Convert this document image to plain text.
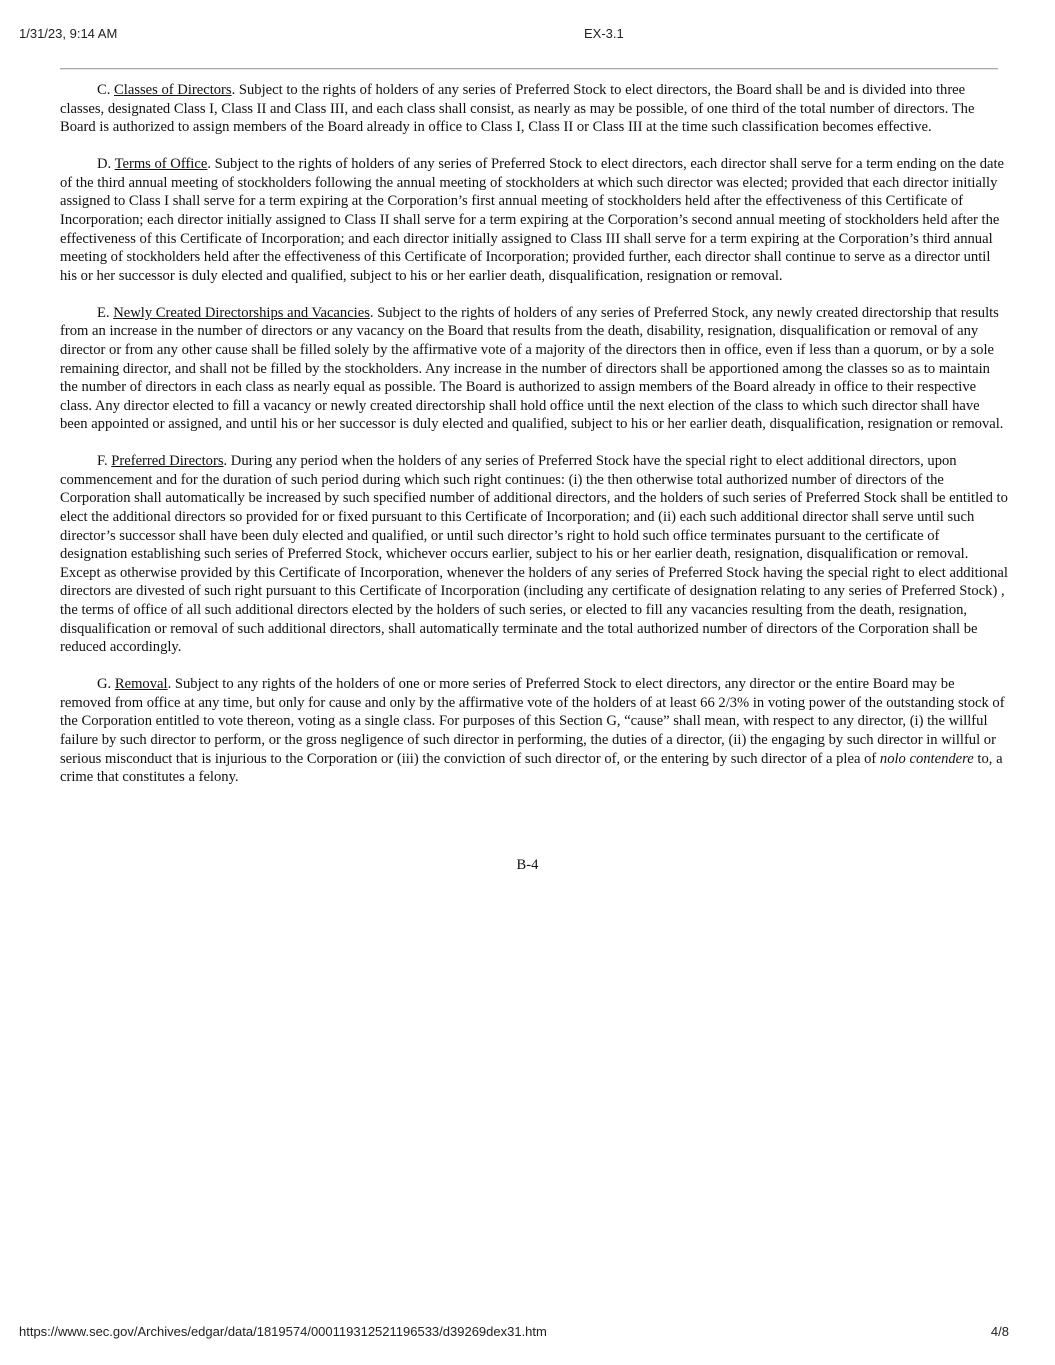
1/31/23, 9:14 AM	EX-3.1

C. Classes of Directors. Subject to the rights of holders of any series of Preferred Stock to elect directors, the Board shall be and is divided into three classes, designated Class I, Class II and Class III, and each class shall consist, as nearly as may be possible, of one third of the total number of directors. The Board is authorized to assign members of the Board already in office to Class I, Class II or Class III at the time such classification becomes effective.

D. Terms of Office. Subject to the rights of holders of any series of Preferred Stock to elect directors, each director shall serve for a term ending on the date of the third annual meeting of stockholders following the annual meeting of stockholders at which such director was elected; provided that each director initially assigned to Class I shall serve for a term expiring at the Corporation’s first annual meeting of stockholders held after the effectiveness of this Certificate of Incorporation; each director initially assigned to Class II shall serve for a term expiring at the Corporation’s second annual meeting of stockholders held after the effectiveness of this Certificate of Incorporation; and each director initially assigned to Class III shall serve for a term expiring at the Corporation’s third annual meeting of stockholders held after the effectiveness of this Certificate of Incorporation; provided further, each director shall continue to serve as a director until his or her successor is duly elected and qualified, subject to his or her earlier death, disqualification, resignation or removal.

E. Newly Created Directorships and Vacancies. Subject to the rights of holders of any series of Preferred Stock, any newly created directorship that results from an increase in the number of directors or any vacancy on the Board that results from the death, disability, resignation, disqualification or removal of any director or from any other cause shall be filled solely by the affirmative vote of a majority of the directors then in office, even if less than a quorum, or by a sole remaining director, and shall not be filled by the stockholders. Any increase in the number of directors shall be apportioned among the classes so as to maintain the number of directors in each class as nearly equal as possible. The Board is authorized to assign members of the Board already in office to their respective class. Any director elected to fill a vacancy or newly created directorship shall hold office until the next election of the class to which such director shall have been appointed or assigned, and until his or her successor is duly elected and qualified, subject to his or her earlier death, disqualification, resignation or removal.

F. Preferred Directors. During any period when the holders of any series of Preferred Stock have the special right to elect additional directors, upon commencement and for the duration of such period during which such right continues: (i) the then otherwise total authorized number of directors of the Corporation shall automatically be increased by such specified number of additional directors, and the holders of such series of Preferred Stock shall be entitled to elect the additional directors so provided for or fixed pursuant to this Certificate of Incorporation; and (ii) each such additional director shall serve until such director’s successor shall have been duly elected and qualified, or until such director’s right to hold such office terminates pursuant to the certificate of designation establishing such series of Preferred Stock, whichever occurs earlier, subject to his or her earlier death, resignation, disqualification or removal. Except as otherwise provided by this Certificate of Incorporation, whenever the holders of any series of Preferred Stock having the special right to elect additional directors are divested of such right pursuant to this Certificate of Incorporation (including any certificate of designation relating to any series of Preferred Stock) , the terms of office of all such additional directors elected by the holders of such series, or elected to fill any vacancies resulting from the death, resignation, disqualification or removal of such additional directors, shall automatically terminate and the total authorized number of directors of the Corporation shall be reduced accordingly.

G. Removal. Subject to any rights of the holders of one or more series of Preferred Stock to elect directors, any director or the entire Board may be removed from office at any time, but only for cause and only by the affirmative vote of the holders of at least 66 2/3% in voting power of the outstanding stock of the Corporation entitled to vote thereon, voting as a single class. For purposes of this Section G, “cause” shall mean, with respect to any director, (i) the willful failure by such director to perform, or the gross negligence of such director in performing, the duties of a director, (ii) the engaging by such director in willful or serious misconduct that is injurious to the Corporation or (iii) the conviction of such director of, or the entering by such director of a plea of nolo contendere to, a crime that constitutes a felony.

B-4
https://www.sec.gov/Archives/edgar/data/1819574/000119312521196533/d39269dex31.htm	4/8
